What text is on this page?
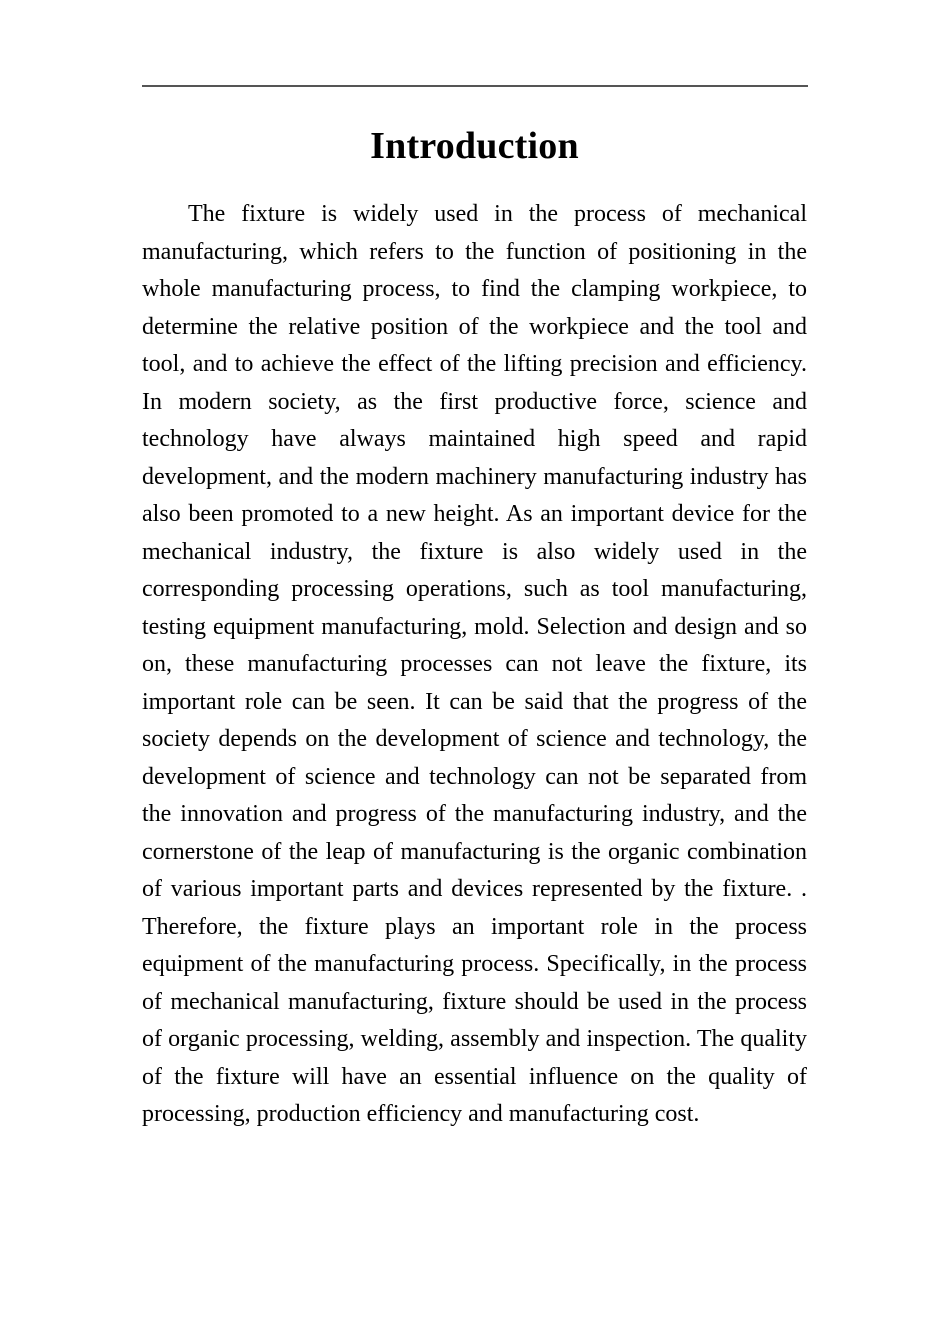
Introduction

The fixture is widely used in the process of mechanical manufacturing, which refers to the function of positioning in the whole manufacturing process, to find the clamping workpiece, to determine the relative position of the workpiece and the tool and tool, and to achieve the effect of the lifting precision and efficiency. In modern society, as the first productive force, science and technology have always maintained high speed and rapid development, and the modern machinery manufacturing industry has also been promoted to a new height. As an important device for the mechanical industry, the fixture is also widely used in the corresponding processing operations, such as tool manufacturing, testing equipment manufacturing, mold. Selection and design and so on, these manufacturing processes can not leave the fixture, its important role can be seen. It can be said that the progress of the society depends on the development of science and technology, the development of science and technology can not be separated from the innovation and progress of the manufacturing industry, and the cornerstone of the leap of manufacturing is the organic combination of various important parts and devices represented by the fixture. . Therefore, the fixture plays an important role in the process equipment of the manufacturing process. Specifically, in the process of mechanical manufacturing, fixture should be used in the process of organic processing, welding, assembly and inspection. The quality of the fixture will have an essential influence on the quality of processing, production efficiency and manufacturing cost.
